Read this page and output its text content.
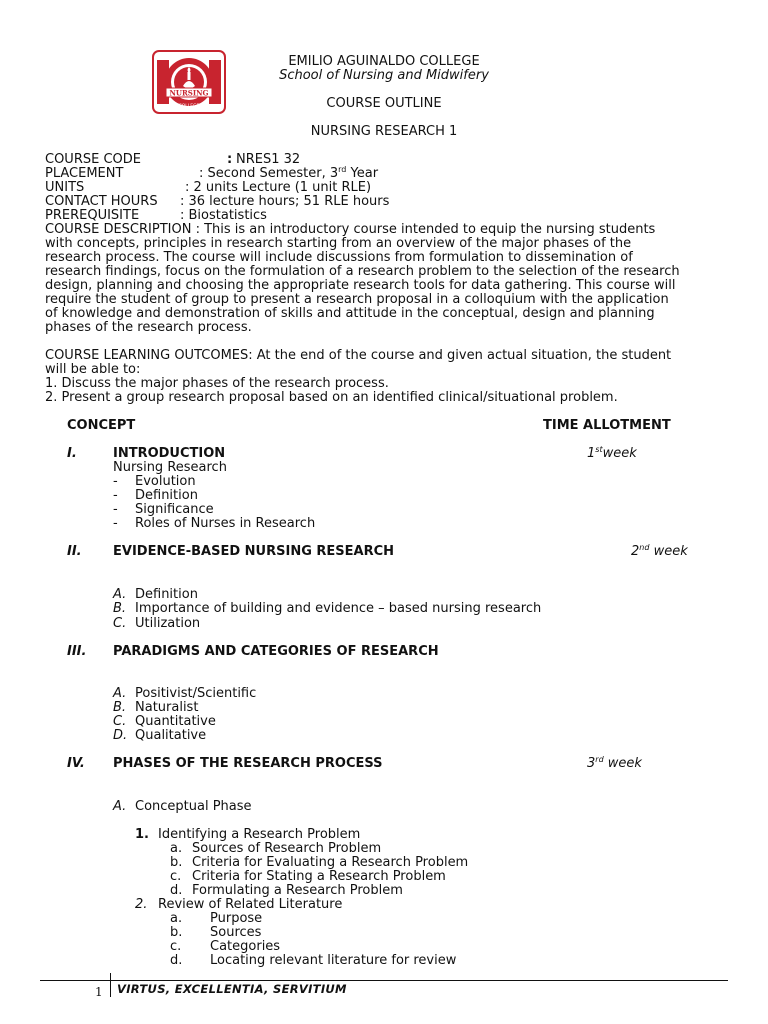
NURSING
COLLEGE
EMILIO AGUINALDO COLLEGE
School of Nursing and Midwifery
COURSE OUTLINE
NURSING RESEARCH 1
COURSE CODE	: NRES1 32
PLACEMENT	: Second Semester, 3rd Year
UNITS	: 2 units Lecture (1 unit RLE)
CONTACT HOURS : 36 lecture hours; 51 RLE hours
PREREQUISITE	: Biostatistics
COURSE DESCRIPTION : This is an introductory course intended to equip the nursing students
with concepts, principles in research starting from an overview of the major phases of the
research process. The course will include discussions from formulation to dissemination of
research findings, focus on the formulation of a research problem to the selection of the research
design, planning and choosing the appropriate research tools for data gathering. This course will
require the student of group to present a research proposal in a colloquium with the application
of knowledge and demonstration of skills and attitude in the conceptual, design and planning
phases of the research process.
COURSE LEARNING OUTCOMES: At the end of the course and given actual situation, the student
will be able to:
1. Discuss the major phases of the research process.
2. Present a group research proposal based on an identified clinical/situational problem.
CONCEPT	TIME ALLOTMENT
I.	INTRODUCTION	1stweek
Nursing Research
- Evolution
- Definition
- Significance
- Roles of Nurses in Research
II. EVIDENCE-BASED NURSING RESEARCH	2nd week
A. Definition
B. Importance of building and evidence – based nursing research
C. Utilization
III. PARADIGMS AND CATEGORIES OF RESEARCH
A. Positivist/Scientific
B. Naturalist
C. Quantitative
D. Qualitative
IV. PHASES OF THE RESEARCH PROCESS	3rd week
A. Conceptual Phase
1. Identifying a Research Problem
a. Sources of Research Problem
b. Criteria for Evaluating a Research Problem
c. Criteria for Stating a Research Problem
d. Formulating a Research Problem
2. Review of Related Literature
a. Purpose
b. Sources
c. Categories
d. Locating relevant literature for review
1 VIRTUS, EXCELLENTIA, SERVITIUM
